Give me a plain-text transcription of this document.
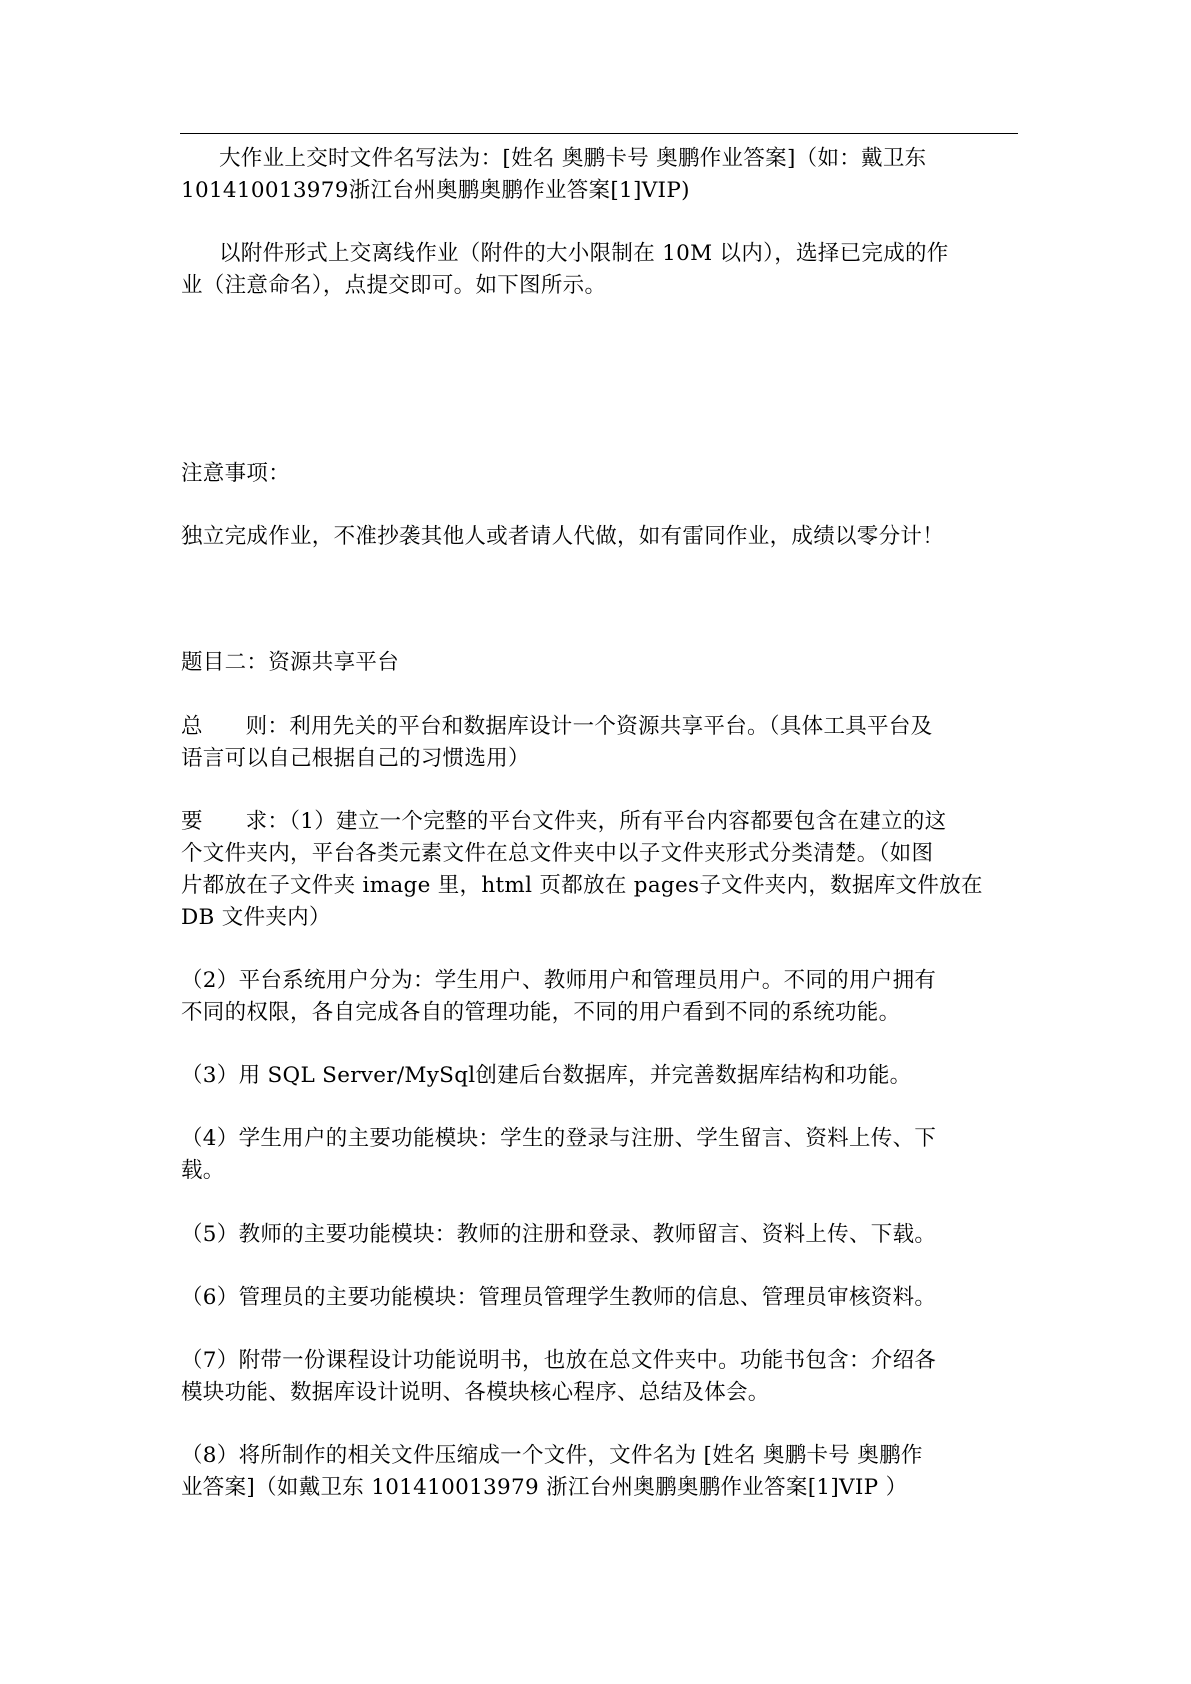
大作业上交时文件名写法为：[姓名 奥鹏卡号 奥鹏作业答案]（如：戴卫东
101410013979浙江台州奥鹏奥鹏作业答案[1]VIP)

以附件形式上交离线作业（附件的大小限制在 10M 以内），选择已完成的作
业（注意命名），点提交即可。如下图所示。

注意事项：

独立完成作业，不准抄袭其他人或者请人代做，如有雷同作业，成绩以零分计！

题目二：资源共享平台

总      则：利用先关的平台和数据库设计一个资源共享平台。（具体工具平台及
语言可以自己根据自己的习惯选用）

要      求：（1）建立一个完整的平台文件夹，所有平台内容都要包含在建立的这
个文件夹内，平台各类元素文件在总文件夹中以子文件夹形式分类清楚。（如图
片都放在子文件夹 image 里，html 页都放在 pages子文件夹内，数据库文件放在
DB 文件夹内）

（2）平台系统用户分为：学生用户、教师用户和管理员用户。不同的用户拥有
不同的权限，各自完成各自的管理功能，不同的用户看到不同的系统功能。

（3）用 SQL Server/MySql创建后台数据库，并完善数据库结构和功能。

（4）学生用户的主要功能模块：学生的登录与注册、学生留言、资料上传、下
载。

（5）教师的主要功能模块：教师的注册和登录、教师留言、资料上传、下载。

（6）管理员的主要功能模块：管理员管理学生教师的信息、管理员审核资料。

（7）附带一份课程设计功能说明书，也放在总文件夹中。功能书包含：介绍各
模块功能、数据库设计说明、各模块核心程序、总结及体会。

（8）将所制作的相关文件压缩成一个文件，文件名为 [姓名 奥鹏卡号 奥鹏作
业答案]（如戴卫东 101410013979 浙江台州奥鹏奥鹏作业答案[1]VIP ）
